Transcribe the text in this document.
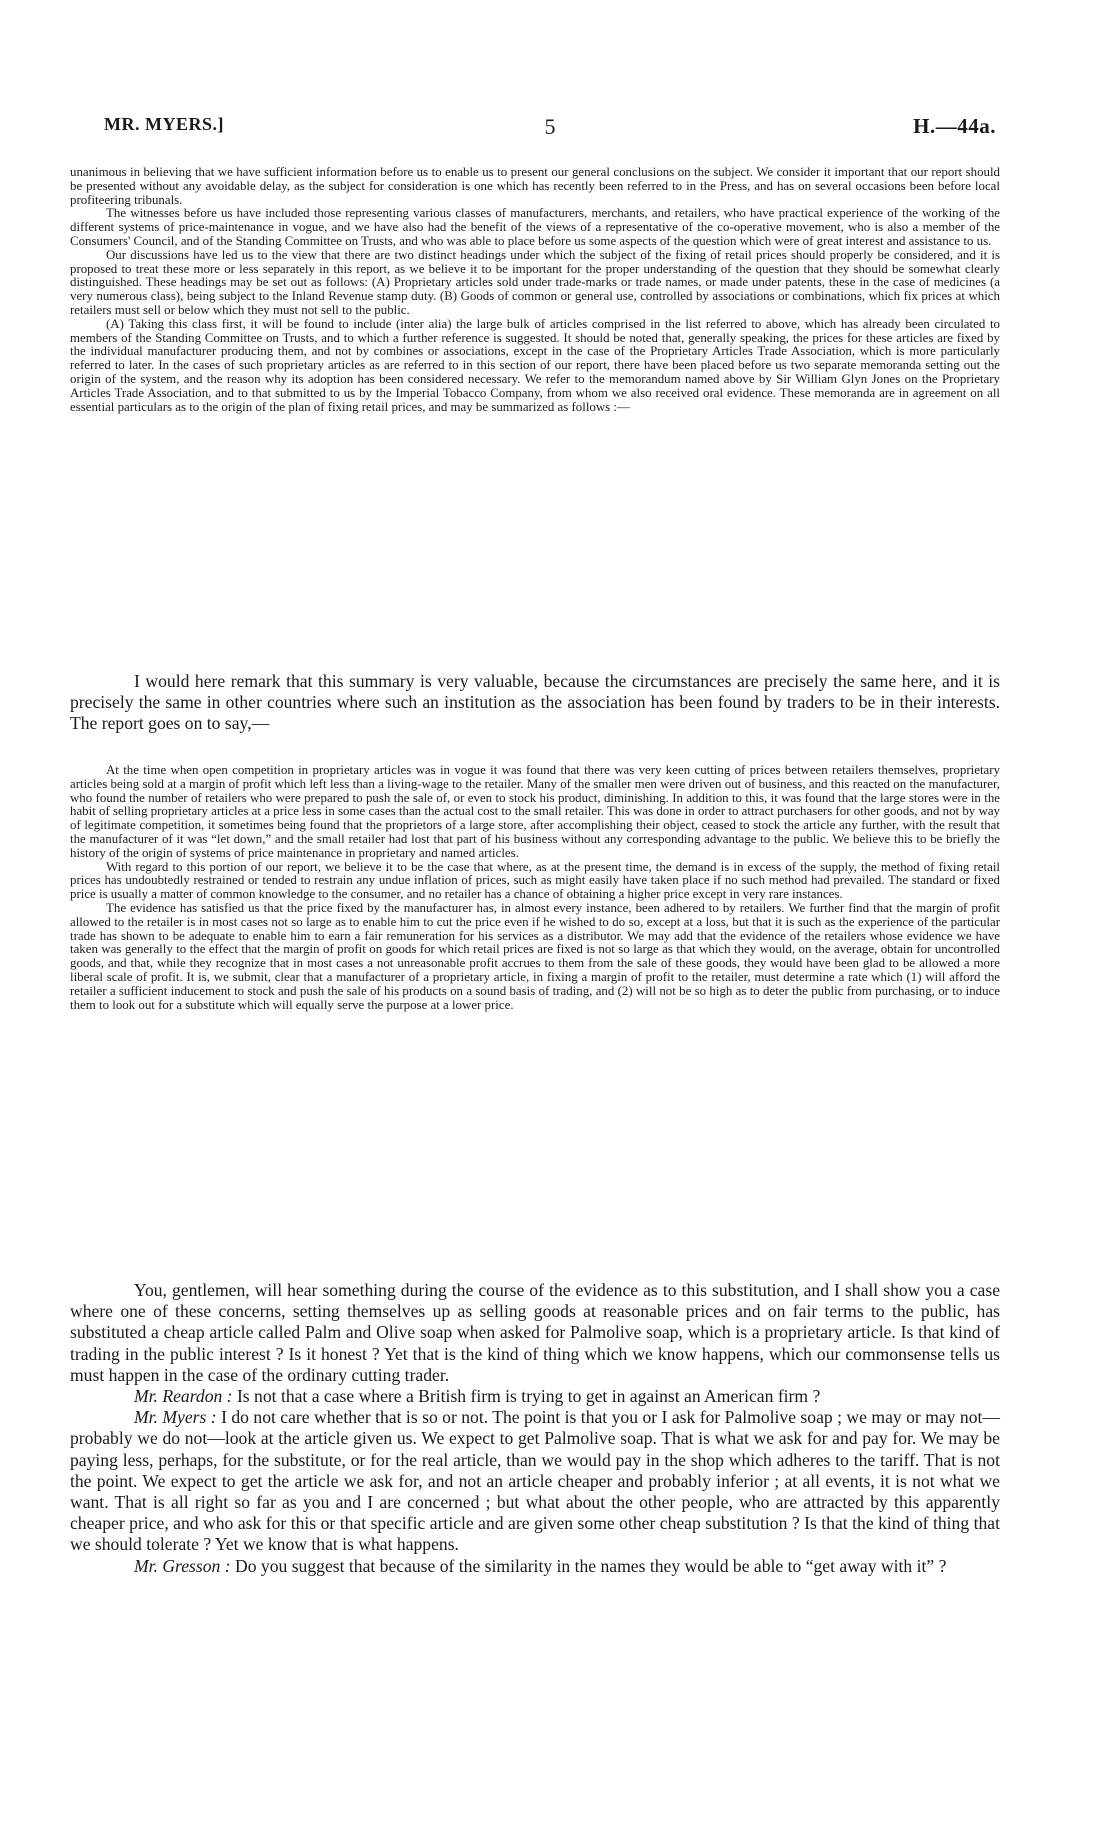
MR. MYERS.]	5	H.—44a.

unanimous in believing that we have sufficient information before us to enable us to present our general conclusions on the subject. We consider it important that our report should be presented without any avoidable delay, as the subject for consideration is one which has recently been referred to in the Press, and has on several occasions been before local profiteering tribunals.

The witnesses before us have included those representing various classes of manufacturers, merchants, and retailers, who have practical experience of the working of the different systems of price-maintenance in vogue, and we have also had the benefit of the views of a representative of the co-operative movement, who is also a member of the Consumers' Council, and of the Standing Committee on Trusts, and who was able to place before us some aspects of the question which were of great interest and assistance to us.

Our discussions have led us to the view that there are two distinct headings under which the subject of the fixing of retail prices should properly be considered, and it is proposed to treat these more or less separately in this report, as we believe it to be important for the proper understanding of the question that they should be somewhat clearly distinguished. These headings may be set out as follows: (A) Proprietary articles sold under trade-marks or trade names, or made under patents, these in the case of medicines (a very numerous class), being subject to the Inland Revenue stamp duty. (B) Goods of common or general use, controlled by associations or combinations, which fix prices at which retailers must sell or below which they must not sell to the public.

(A) Taking this class first, it will be found to include (inter alia) the large bulk of articles comprised in the list referred to above, which has already been circulated to members of the Standing Committee on Trusts, and to which a further reference is suggested. It should be noted that, generally speaking, the prices for these articles are fixed by the individual manufacturer producing them, and not by combines or associations, except in the case of the Proprietary Articles Trade Association, which is more particularly referred to later. In the cases of such proprietary articles as are referred to in this section of our report, there have been placed before us two separate memoranda setting out the origin of the system, and the reason why its adoption has been considered necessary. We refer to the memorandum named above by Sir William Glyn Jones on the Proprietary Articles Trade Association, and to that submitted to us by the Imperial Tobacco Company, from whom we also received oral evidence. These memoranda are in agreement on all essential particulars as to the origin of the plan of fixing retail prices, and may be summarized as follows :—

I would here remark that this summary is very valuable, because the circumstances are precisely the same here, and it is precisely the same in other countries where such an institution as the association has been found by traders to be in their interests. The report goes on to say,—

At the time when open competition in proprietary articles was in vogue it was found that there was very keen cutting of prices between retailers themselves, proprietary articles being sold at a margin of profit which left less than a living-wage to the retailer. Many of the smaller men were driven out of business, and this reacted on the manufacturer, who found the number of retailers who were prepared to push the sale of, or even to stock his product, diminishing. In addition to this, it was found that the large stores were in the habit of selling proprietary articles at a price less in some cases than the actual cost to the small retailer. This was done in order to attract purchasers for other goods, and not by way of legitimate competition, it sometimes being found that the proprietors of a large store, after accomplishing their object, ceased to stock the article any further, with the result that the manufacturer of it was “let down,” and the small retailer had lost that part of his business without any corresponding advantage to the public. We believe this to be briefly the history of the origin of systems of price maintenance in proprietary and named articles.

With regard to this portion of our report, we believe it to be the case that where, as at the present time, the demand is in excess of the supply, the method of fixing retail prices has undoubtedly restrained or tended to restrain any undue inflation of prices, such as might easily have taken place if no such method had prevailed. The standard or fixed price is usually a matter of common knowledge to the consumer, and no retailer has a chance of obtaining a higher price except in very rare instances.

The evidence has satisfied us that the price fixed by the manufacturer has, in almost every instance, been adhered to by retailers. We further find that the margin of profit allowed to the retailer is in most cases not so large as to enable him to cut the price even if he wished to do so, except at a loss, but that it is such as the experience of the particular trade has shown to be adequate to enable him to earn a fair remuneration for his services as a distributor. We may add that the evidence of the retailers whose evidence we have taken was generally to the effect that the margin of profit on goods for which retail prices are fixed is not so large as that which they would, on the average, obtain for uncontrolled goods, and that, while they recognize that in most cases a not unreasonable profit accrues to them from the sale of these goods, they would have been glad to be allowed a more liberal scale of profit. It is, we submit, clear that a manufacturer of a proprietary article, in fixing a margin of profit to the retailer, must determine a rate which (1) will afford the retailer a sufficient inducement to stock and push the sale of his products on a sound basis of trading, and (2) will not be so high as to deter the public from purchasing, or to induce them to look out for a substitute which will equally serve the purpose at a lower price.

You, gentlemen, will hear something during the course of the evidence as to this substitution, and I shall show you a case where one of these concerns, setting themselves up as selling goods at reasonable prices and on fair terms to the public, has substituted a cheap article called Palm and Olive soap when asked for Palmolive soap, which is a proprietary article. Is that kind of trading in the public interest ? Is it honest ? Yet that is the kind of thing which we know happens, which our commonsense tells us must happen in the case of the ordinary cutting trader.

Mr. Reardon : Is not that a case where a British firm is trying to get in against an American firm ?

Mr. Myers : I do not care whether that is so or not. The point is that you or I ask for Palmolive soap ; we may or may not—probably we do not—look at the article given us. We expect to get Palmolive soap. That is what we ask for and pay for. We may be paying less, perhaps, for the substitute, or for the real article, than we would pay in the shop which adheres to the tariff. That is not the point. We expect to get the article we ask for, and not an article cheaper and probably inferior ; at all events, it is not what we want. That is all right so far as you and I are concerned ; but what about the other people, who are attracted by this apparently cheaper price, and who ask for this or that specific article and are given some other cheap substitution ? Is that the kind of thing that we should tolerate ? Yet we know that is what happens.

Mr. Gresson : Do you suggest that because of the similarity in the names they would be able to “get away with it” ?
